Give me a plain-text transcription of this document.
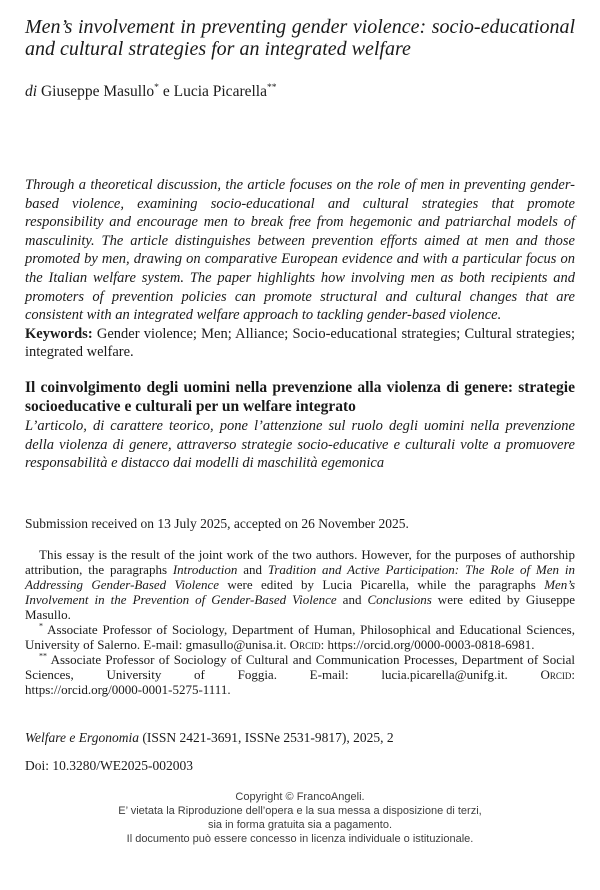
Men’s involvement in preventing gender violence: socio-educational and cultural strategies for an integrated welfare

di Giuseppe Masullo* e Lucia Picarella**

Through a theoretical discussion, the article focuses on the role of men in preventing gender-based violence, examining socio-educational and cultural strategies that promote responsibility and encourage men to break free from hegemonic and patriarchal models of masculinity. The article distinguishes between prevention efforts aimed at men and those promoted by men, drawing on comparative European evidence and with a particular focus on the Italian welfare system. The paper highlights how involving men as both recipients and promoters of prevention policies can promote structural and cultural changes that are consistent with an integrated welfare approach to tackling gender-based violence.

Keywords: Gender violence; Men; Alliance; Socio-educational strategies; Cultural strategies; integrated welfare.

Il coinvolgimento degli uomini nella prevenzione alla violenza di genere: strategie socioeducative e culturali per un welfare integrato

L’articolo, di carattere teorico, pone l’attenzione sul ruolo degli uomini nella prevenzione della violenza di genere, attraverso strategie socio-educative e culturali volte a promuovere responsabilità e distacco dai modelli di maschilità egemonica

Submission received on 13 July 2025, accepted on 26 November 2025.

This essay is the result of the joint work of the two authors. However, for the purposes of authorship attribution, the paragraphs Introduction and Tradition and Active Participation: The Role of Men in Addressing Gender-Based Violence were edited by Lucia Picarella, while the paragraphs Men’s Involvement in the Prevention of Gender-Based Violence and Conclusions were edited by Giuseppe Masullo.

* Associate Professor of Sociology, Department of Human, Philosophical and Educational Sciences, University of Salerno. E-mail: gmasullo@unisa.it. Orcid: https://orcid.org/0000-0003-0818-6981.

** Associate Professor of Sociology of Cultural and Communication Processes, Department of Social Sciences, University of Foggia. E-mail: lucia.picarella@unifg.it. Orcid: https://orcid.org/0000-0001-5275-1111.

Welfare e Ergonomia (ISSN 2421-3691, ISSNe 2531-9817), 2025, 2

Doi: 10.3280/WE2025-002003

Copyright © FrancoAngeli.
E’ vietata la Riproduzione dell’opera e la sua messa a disposizione di terzi,
sia in forma gratuita sia a pagamento.
Il documento può essere concesso in licenza individuale o istituzionale.
